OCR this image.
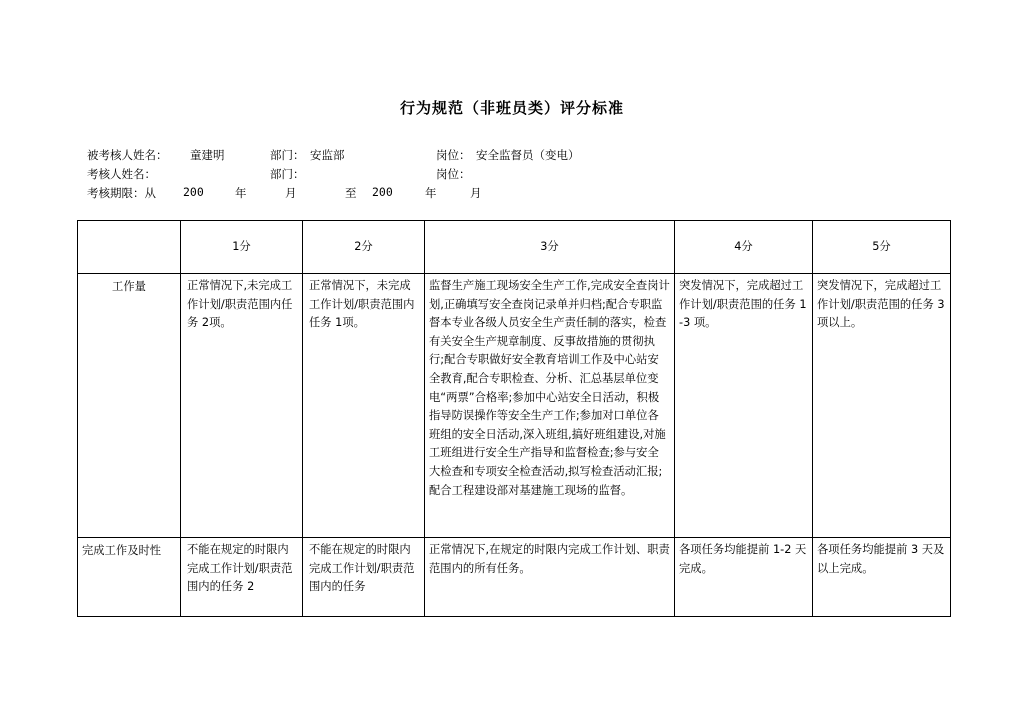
行为规范（非班员类）评分标准
被考核人姓名： 童建明	部门： 安监部	岗位： 安全监督员（变电）
考核人姓名：	部门：	岗位：
考核期限：从 200	年	月	至 200	年	月
	1分	2分	3分	4分	5分
工作量	正常情况下,未完成工作计划/职责范围内任务 2项。	正常情况下，未完成工作计划/职责范围内任务 1项。	监督生产施工现场安全生产工作,完成安全查岗计划,正确填写安全查岗记录单并归档;配合专职监督本专业各级人员安全生产责任制的落实，检查有关安全生产规章制度、反事故措施的贯彻执行;配合专职做好安全教育培训工作及中心站安全教育,配合专职检查、分析、汇总基层单位变电“两票”合格率;参加中心站安全日活动，积极指导防误操作等安全生产工作;参加对口单位各班组的安全日活动,深入班组,搞好班组建设,对施工班组进行安全生产指导和监督检查;参与安全大检查和专项安全检查活动,拟写检查活动汇报;配合工程建设部对基建施工现场的监督。	突发情况下，完成超过工作计划/职责范围的任务 1-3 项。	突发情况下，完成超过工作计划/职责范围的任务 3 项以上。
完成工作及时性	不能在规定的时限内完成工作计划/职责范围内的任务 2	不能在规定的时限内完成工作计划/职责范围内的任务	正常情况下,在规定的时限内完成工作计划、职责范围内的所有任务。	各项任务均能提前 1-2 天完成。	各项任务均能提前 3 天及以上完成。
